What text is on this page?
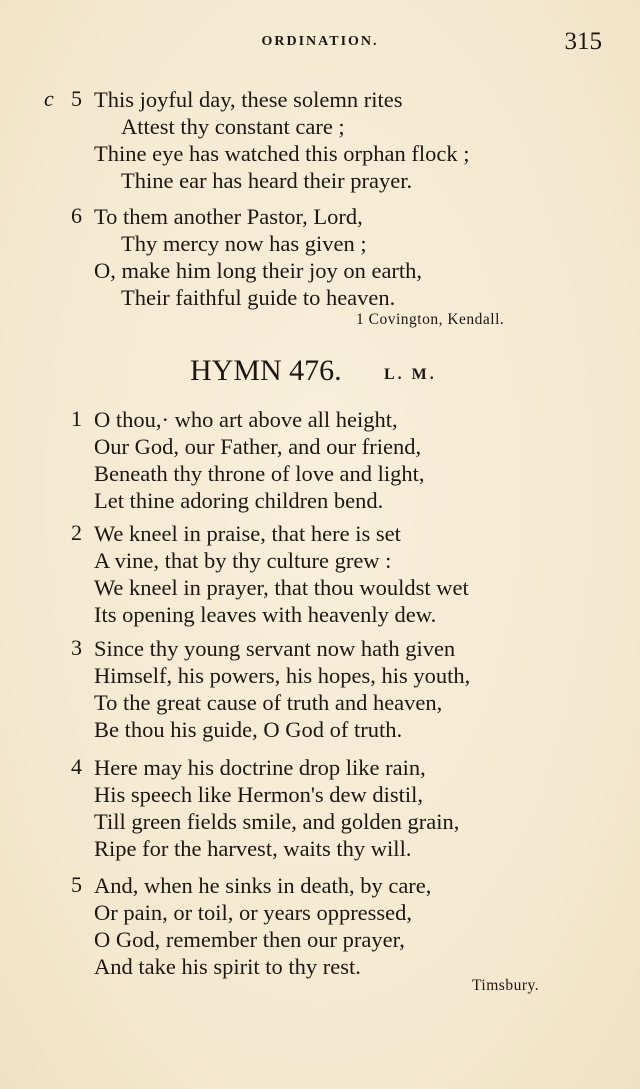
ORDINATION.	315
c 5 This joyful day, these solemn rites
Attest thy constant care ;
Thine eye has watched this orphan flock ;
Thine ear has heard their prayer.
6 To them another Pastor, Lord,
Thy mercy now has given ;
O, make him long their joy on earth,
Their faithful guide to heaven.
1 Covington, Kendall.
HYMN 476.	L. M.
1 O thou,· who art above all height,
Our God, our Father, and our friend,
Beneath thy throne of love and light,
Let thine adoring children bend.
2 We kneel in praise, that here is set
A vine, that by thy culture grew :
We kneel in prayer, that thou wouldst wet
Its opening leaves with heavenly dew.
3 Since thy young servant now hath given
Himself, his powers, his hopes, his youth,
To the great cause of truth and heaven,
Be thou his guide, O God of truth.
4 Here may his doctrine drop like rain,
His speech like Hermon's dew distil,
Till green fields smile, and golden grain,
Ripe for the harvest, waits thy will.
5 And, when he sinks in death, by care,
Or pain, or toil, or years oppressed,
O God, remember then our prayer,
And take his spirit to thy rest.
Timsbury.
